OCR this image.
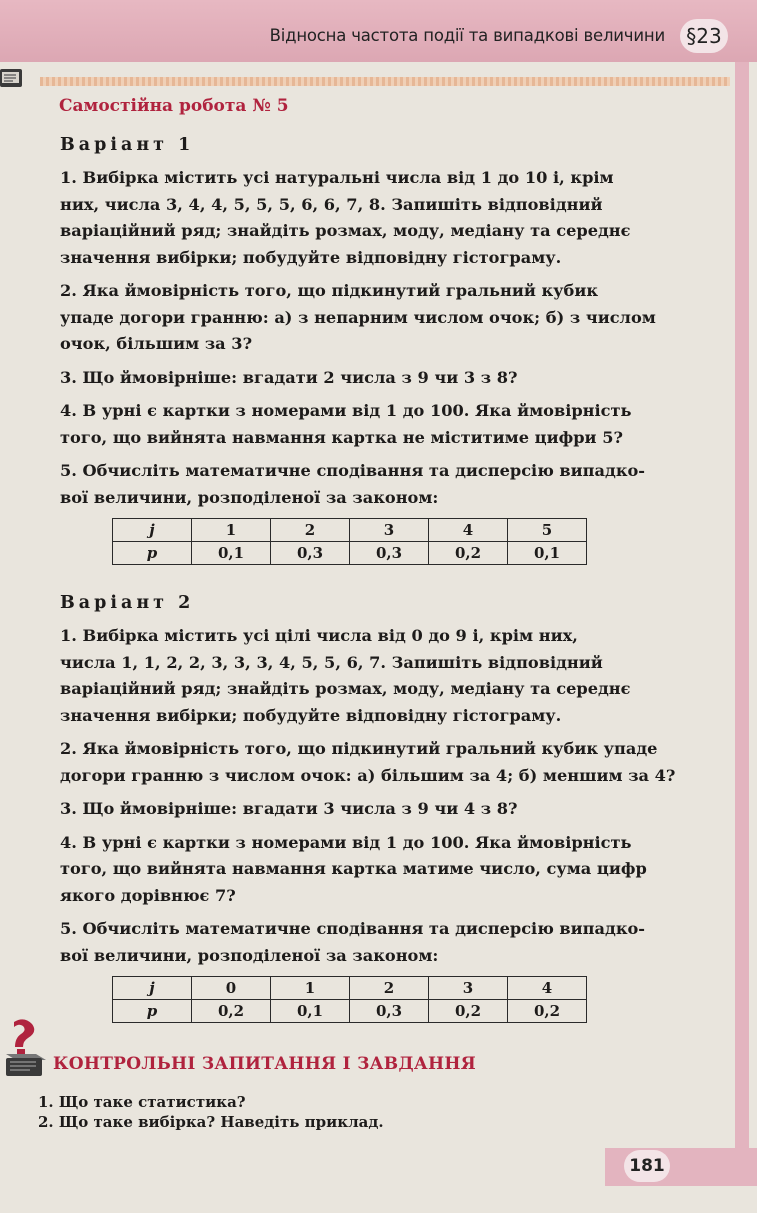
Відносна частота події та випадкові величини	§23
Самостійна робота № 5
Варіант 1
1. Вибірка містить усі натуральні числа від 1 до 10 і, крім
них, числа 3, 4, 4, 5, 5, 5, 6, 6, 7, 8. Запишіть відповідний
варіаційний ряд; знайдіть розмах, моду, медіану та середнє
значення вибірки; побудуйте відповідну гістограму.
2. Яка ймовірність того, що підкинутий гральний кубик
упаде догори гранню: а) з непарним числом очок; б) з числом
очок, більшим за 3?
3. Що ймовірніше: вгадати 2 числа з 9 чи 3 з 8?
4. В урні є картки з номерами від 1 до 100. Яка ймовірність
того, що вийнята навмання картка не міститиме цифри 5?
5. Обчисліть математичне сподівання та дисперсію випадко-
вої величини, розподіленої за законом:
j	1	2	3	4	5
p	0,1	0,3	0,3	0,2	0,1
Варіант 2
1. Вибірка містить усі цілі числа від 0 до 9 і, крім них,
числа 1, 1, 2, 2, 3, 3, 3, 4, 5, 5, 6, 7. Запишіть відповідний
варіаційний ряд; знайдіть розмах, моду, медіану та середнє
значення вибірки; побудуйте відповідну гістограму.
2. Яка ймовірність того, що підкинутий гральний кубик упаде
догори гранню з числом очок: а) більшим за 4; б) меншим за 4?
3. Що ймовірніше: вгадати 3 числа з 9 чи 4 з 8?
4. В урні є картки з номерами від 1 до 100. Яка ймовірність
того, що вийнята навмання картка матиме число, сума цифр
якого дорівнює 7?
5. Обчисліть математичне сподівання та дисперсію випадко-
вої величини, розподіленої за законом:
j	0	1	2	3	4
p	0,2	0,1	0,3	0,2	0,2
КОНТРОЛЬНІ ЗАПИТАННЯ І ЗАВДАННЯ
1. Що таке статистика?
2. Що таке вибірка? Наведіть приклад.
181
